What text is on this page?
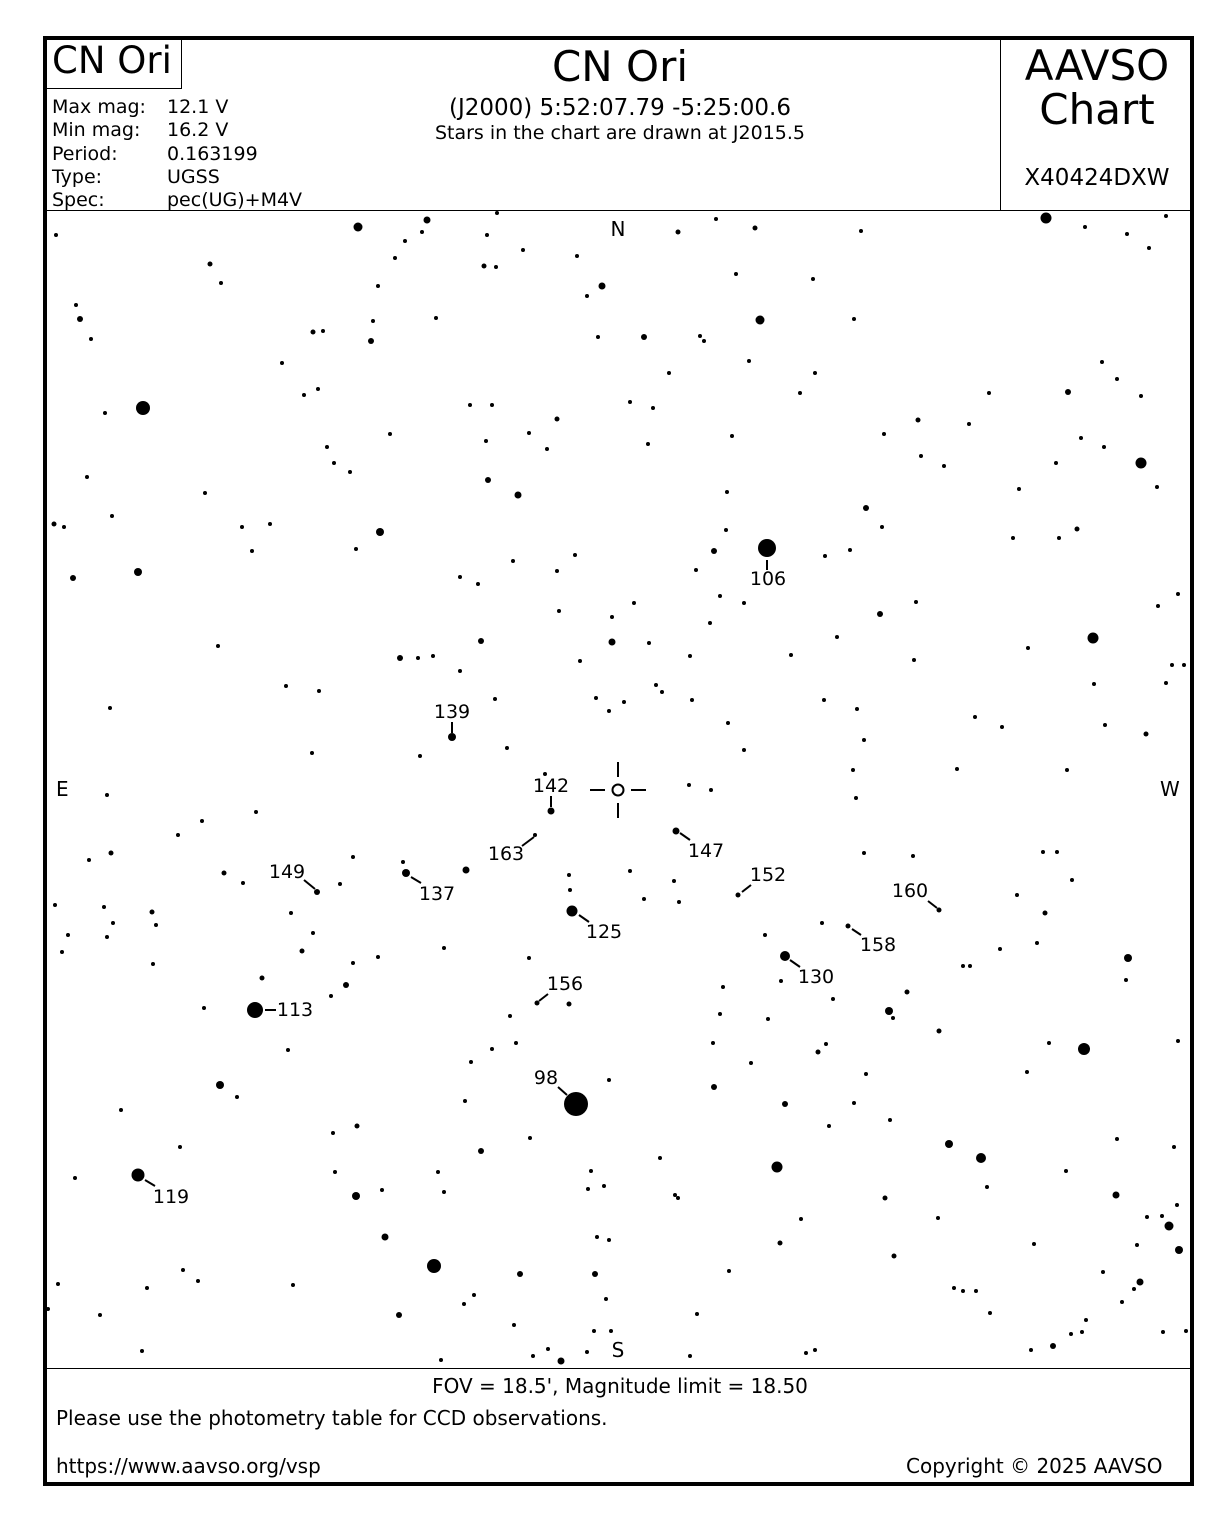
CN Ori	CN Ori
(J2000) 5:52:07.79 -5:25:00.6
Stars in the chart are drawn at J2015.5
AAVSO
Chart
X40424DXW
Max mag: 12.1 V
Min mag: 16.2 V
Period:	0.163199
Type:	UGSS
Spec:	pec(UG)+M4V
106
139
142
163	147
149
137
152
160
125
158
130
156
113
98
119
N
S
E	W
FOV = 18.5', Magnitude limit = 18.50
Please use the photometry table for CCD observations.
https://www.aavso.org/vsp	Copyright © 2025 AAVSO
